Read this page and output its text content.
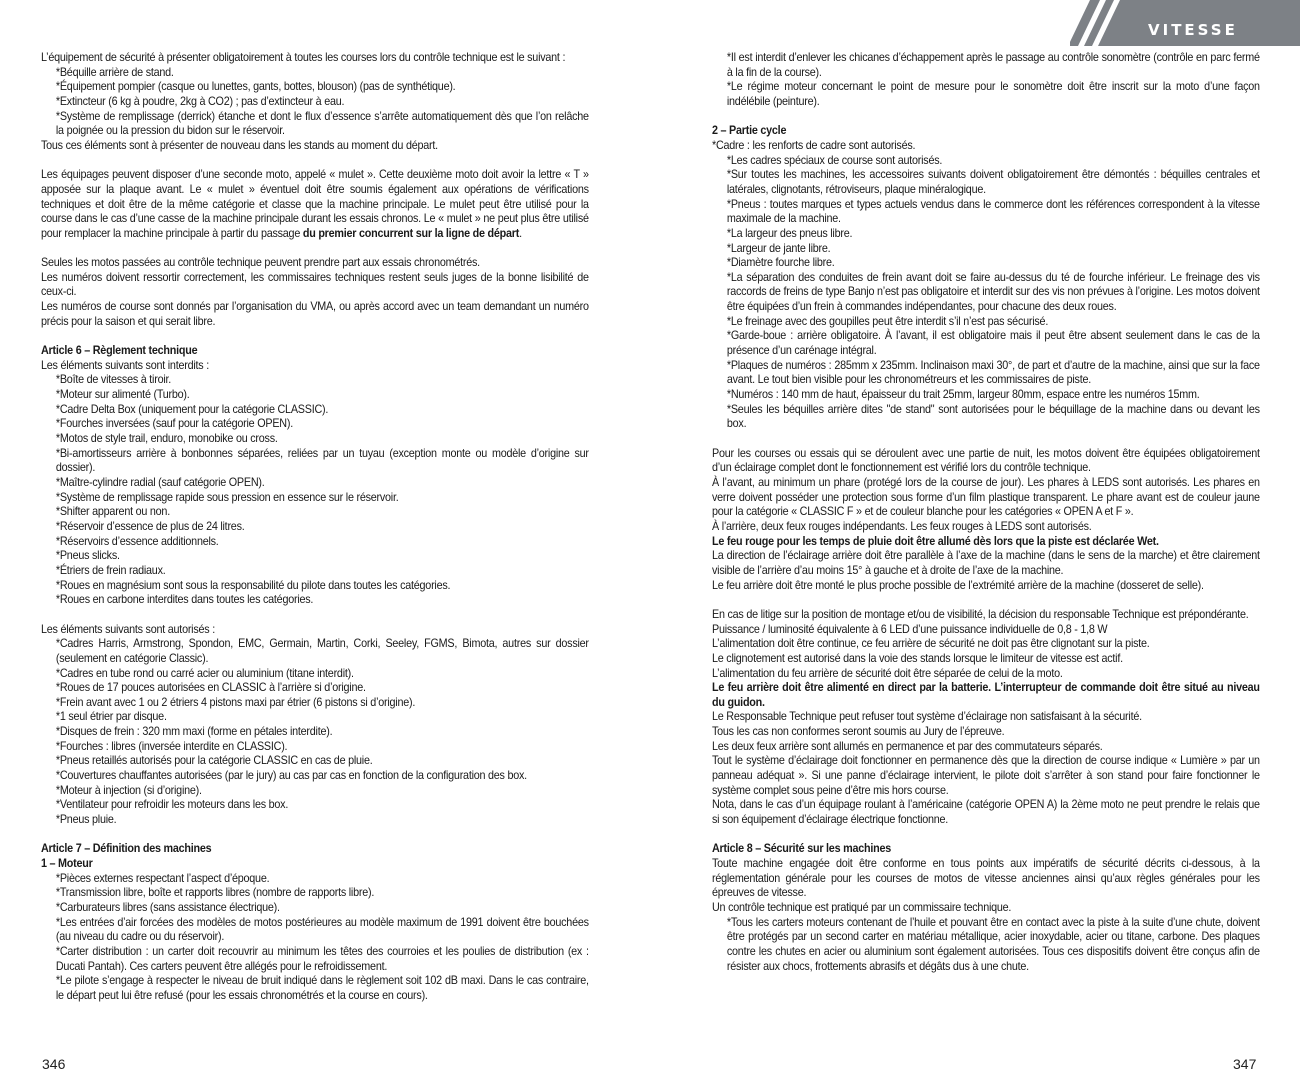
VITESSE

L’équipement de sécurité à présenter obligatoirement à toutes les courses lors du contrôle technique est le suivant :

*Béquille arrière de stand.

*Équipement pompier (casque ou lunettes, gants, bottes, blouson) (pas de synthétique).

*Extincteur (6 kg à poudre, 2kg à CO2) ; pas d’extincteur à eau.

*Système de remplissage (derrick) étanche et dont le flux d’essence s’arrête automatiquement dès que l’on relâche la poignée ou la pression du bidon sur le réservoir.

Tous ces éléments sont à présenter de nouveau dans les stands au moment du départ.

Les équipages peuvent disposer d’une seconde moto, appelé « mulet ». Cette deuxième moto doit avoir la lettre « T » apposée sur la plaque avant. Le « mulet » éventuel doit être soumis également aux opérations de vérifications techniques et doit être de la même catégorie et classe que la machine principale. Le mulet peut être utilisé pour la course dans le cas d’une casse de la machine principale durant les essais chronos. Le « mulet » ne peut plus être utilisé pour remplacer la machine principale à partir du passage du premier concurrent sur la ligne de départ.

Seules les motos passées au contrôle technique peuvent prendre part aux essais chronométrés.

Les numéros doivent ressortir correctement, les commissaires techniques restent seuls juges de la bonne lisibilité de ceux-ci.

Les numéros de course sont donnés par l’organisation du VMA, ou après accord avec un team demandant un numéro précis pour la saison et qui serait libre.

Article 6 – Règlement technique

Les éléments suivants sont interdits :

*Boîte de vitesses à tiroir.

*Moteur sur alimenté (Turbo).

*Cadre Delta Box (uniquement pour la catégorie CLASSIC).

*Fourches inversées (sauf pour la catégorie OPEN).

*Motos de style trail, enduro, monobike ou cross.

*Bi-amortisseurs arrière à bonbonnes séparées, reliées par un tuyau (exception monte ou modèle d’origine sur dossier).

*Maître-cylindre radial (sauf catégorie OPEN).

*Système de remplissage rapide sous pression en essence sur le réservoir.

*Shifter apparent ou non.

*Réservoir d’essence de plus de 24 litres.

*Réservoirs d’essence additionnels.

*Pneus slicks.

*Étriers de frein radiaux.

*Roues en magnésium sont sous la responsabilité du pilote dans toutes les catégories.

*Roues en carbone interdites dans toutes les catégories.

Les éléments suivants sont autorisés :

*Cadres Harris, Armstrong, Spondon, EMC, Germain, Martin, Corki, Seeley, FGMS, Bimota, autres sur dossier (seulement en catégorie Classic).

*Cadres en tube rond ou carré acier ou aluminium (titane interdit).

*Roues de 17 pouces autorisées en CLASSIC à l’arrière si d’origine.

*Frein avant avec 1 ou 2 étriers 4 pistons maxi par étrier (6 pistons si d’origine).

*1 seul étrier par disque.

*Disques de frein : 320 mm maxi (forme en pétales interdite).

*Fourches : libres (inversée interdite en CLASSIC).

*Pneus retaillés autorisés pour la catégorie CLASSIC en cas de pluie.

*Couvertures chauffantes autorisées (par le jury) au cas par cas en fonction de la configuration des box.

*Moteur à injection (si d’origine).

*Ventilateur pour refroidir les moteurs dans les box.

*Pneus pluie.

Article 7 – Définition des machines

1 – Moteur

*Pièces externes respectant l’aspect d’époque.

*Transmission libre, boîte et rapports libres (nombre de rapports libre).

*Carburateurs libres (sans assistance électrique).

*Les entrées d’air forcées des modèles de motos postérieures au modèle maximum de 1991 doivent être bouchées (au niveau du cadre ou du réservoir).

*Carter distribution : un carter doit recouvrir au minimum les têtes des courroies et les poulies de distribution (ex : Ducati Pantah). Ces carters peuvent être allégés pour le refroidissement.

*Le pilote s’engage à respecter le niveau de bruit indiqué dans le règlement soit 102 dB maxi. Dans le cas contraire, le départ peut lui être refusé (pour les essais chronométrés et la course en cours).

*Il est interdit d’enlever les chicanes d’échappement après le passage au contrôle sonomètre (contrôle en parc fermé à la fin de la course).

*Le régime moteur concernant le point de mesure pour le sonomètre doit être inscrit sur la moto d’une façon indélébile (peinture).

2 – Partie cycle

*Cadre : les renforts de cadre sont autorisés.

*Les cadres spéciaux de course sont autorisés.

*Sur toutes les machines, les accessoires suivants doivent obligatoirement être démontés : béquilles centrales et latérales, clignotants, rétroviseurs, plaque minéralogique.

*Pneus : toutes marques et types actuels vendus dans le commerce dont les références correspondent à la vitesse maximale de la machine.

*La largeur des pneus libre.

*Largeur de jante libre.

*Diamètre fourche libre.

*La séparation des conduites de frein avant doit se faire au-dessus du té de fourche inférieur. Le freinage des vis raccords de freins de type Banjo n’est pas obligatoire et interdit sur des vis non prévues à l’origine. Les motos doivent être équipées d’un frein à commandes indépendantes, pour chacune des deux roues.

*Le freinage avec des goupilles peut être interdit s’il n’est pas sécurisé.

*Garde-boue : arrière obligatoire. À l’avant, il est obligatoire mais il peut être absent seulement dans le cas de la présence d’un carénage intégral.

*Plaques de numéros : 285mm x 235mm. Inclinaison maxi 30°, de part et d’autre de la machine, ainsi que sur la face avant. Le tout bien visible pour les chronométreurs et les commissaires de piste.

*Numéros : 140 mm de haut, épaisseur du trait 25mm, largeur 80mm, espace entre les numéros 15mm.

*Seules les béquilles arrière dites "de stand" sont autorisées pour le béquillage de la machine dans ou devant les box.

Pour les courses ou essais qui se déroulent avec une partie de nuit, les motos doivent être équipées obligatoirement d’un éclairage complet dont le fonctionnement est vérifié lors du contrôle technique.

À l’avant, au minimum un phare (protégé lors de la course de jour). Les phares à LEDS sont autorisés. Les phares en verre doivent posséder une protection sous forme d’un film plastique transparent. Le phare avant est de couleur jaune pour la catégorie « CLASSIC F » et de couleur blanche pour les catégories « OPEN A et F ».

À l’arrière, deux feux rouges indépendants. Les feux rouges à LEDS sont autorisés.

Le feu rouge pour les temps de pluie doit être allumé dès lors que la piste est déclarée Wet.

La direction de l’éclairage arrière doit être parallèle à l’axe de la machine (dans le sens de la marche) et être clairement visible de l’arrière d’au moins 15° à gauche et à droite de l’axe de la machine.

Le feu arrière doit être monté le plus proche possible de l’extrémité arrière de la machine (dosseret de selle).

En cas de litige sur la position de montage et/ou de visibilité, la décision du responsable Technique est prépondérante.

Puissance / luminosité équivalente à 6 LED d’une puissance individuelle de 0,8 - 1,8 W

L’alimentation doit être continue, ce feu arrière de sécurité ne doit pas être clignotant sur la piste.

Le clignotement est autorisé dans la voie des stands lorsque le limiteur de vitesse est actif.

L’alimentation du feu arrière de sécurité doit être séparée de celui de la moto.

Le feu arrière doit être alimenté en direct par la batterie. L’interrupteur de commande doit être situé au niveau du guidon.

Le Responsable Technique peut refuser tout système d’éclairage non satisfaisant à la sécurité.

Tous les cas non conformes seront soumis au Jury de l’épreuve.

Les deux feux arrière sont allumés en permanence et par des commutateurs séparés.

Tout le système d’éclairage doit fonctionner en permanence dès que la direction de course indique « Lumière » par un panneau adéquat ». Si une panne d’éclairage intervient, le pilote doit s’arrêter à son stand pour faire fonctionner le système complet sous peine d’être mis hors course.

Nota, dans le cas d’un équipage roulant à l’américaine (catégorie OPEN A) la 2ème moto ne peut prendre le relais que si son équipement d’éclairage électrique fonctionne.

Article 8 – Sécurité sur les machines

Toute machine engagée doit être conforme en tous points aux impératifs de sécurité décrits ci-dessous, à la réglementation générale pour les courses de motos de vitesse anciennes ainsi qu’aux règles générales pour les épreuves de vitesse.

Un contrôle technique est pratiqué par un commissaire technique.

*Tous les carters moteurs contenant de l’huile et pouvant être en contact avec la piste à la suite d’une chute, doivent être protégés par un second carter en matériau métallique, acier inoxydable, acier ou titane, carbone. Des plaques contre les chutes en acier ou aluminium sont également autorisées. Tous ces dispositifs doivent être conçus afin de résister aux chocs, frottements abrasifs et dégâts dus à une chute.

346	347
